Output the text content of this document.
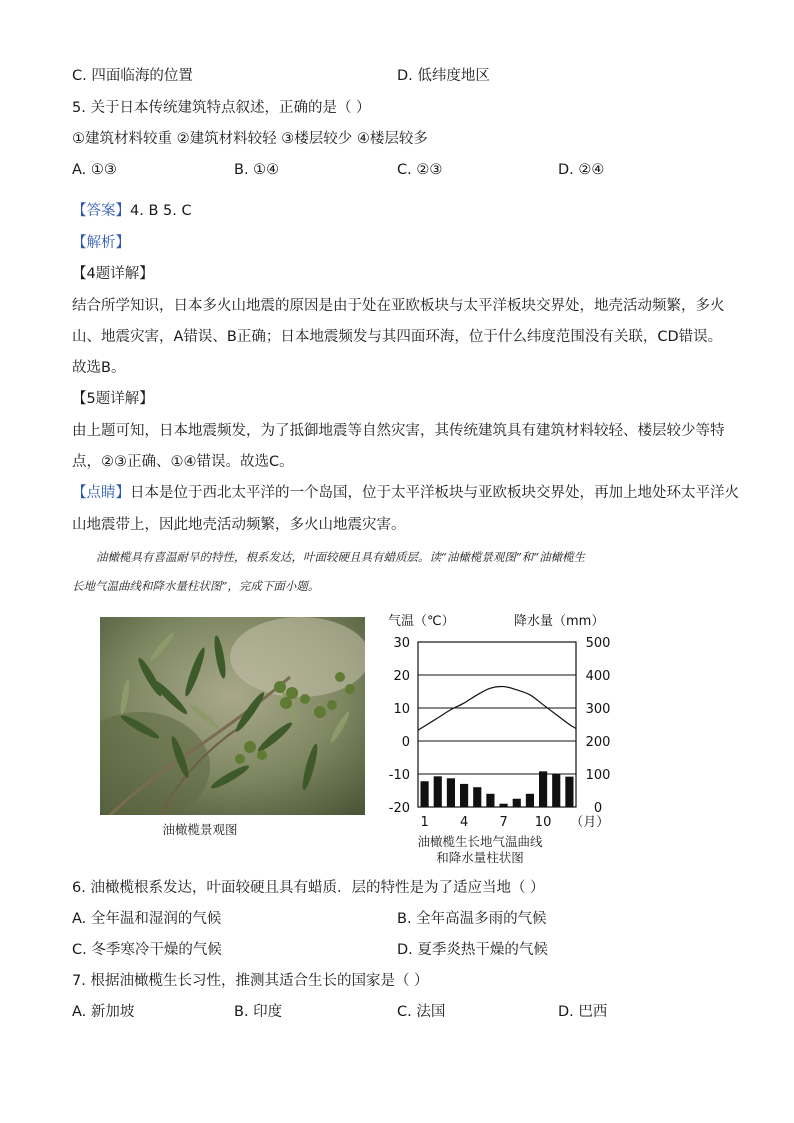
C. 四面临海的位置	D. 低纬度地区
5. 关于日本传统建筑特点叙述，正确的是（ ）
①建筑材料较重 ②建筑材料较轻 ③楼层较少 ④楼层较多
A. ①③	B. ①④	C. ②③	D. ②④
【答案】4. B 5. C
【解析】
【4题详解】
结合所学知识，日本多火山地震的原因是由于处在亚欧板块与太平洋板块交界处，地壳活动频繁，多火
山、地震灾害，A错误、B正确；日本地震频发与其四面环海，位于什么纬度范围没有关联，CD错误。
故选B。
【5题详解】
由上题可知，日本地震频发，为了抵御地震等自然灾害，其传统建筑具有建筑材料较轻、楼层较少等特
点，②③正确、①④错误。故选C。
【点睛】日本是位于西北太平洋的一个岛国，位于太平洋板块与亚欧板块交界处，再加上地处环太平洋火
山地震带上，因此地壳活动频繁，多火山地震灾害。
油橄榄具有喜温耐旱的特性，根系发达，叶面较硬且具有蜡质层。读“油橄榄景观图”和“油橄榄生
长地气温曲线和降水量柱状图”，完成下面小题。
油橄榄景观图
气温（℃）	降水量（mm）
30
20
10
0
-10
-20
500
400
300
200
100
0
1 4 7 10 （月）
油橄榄生长地气温曲线
和降水量柱状图
6. 油橄榄根系发达，叶面较硬且具有蜡质．层的特性是为了适应当地（ ）
A. 全年温和湿润的气候	B. 全年高温多雨的气候
C. 冬季寒冷干燥的气候	D. 夏季炎热干燥的气候
7. 根据油橄榄生长习性，推测其适合生长的国家是（ ）
A. 新加坡	B. 印度	C. 法国	D. 巴西
